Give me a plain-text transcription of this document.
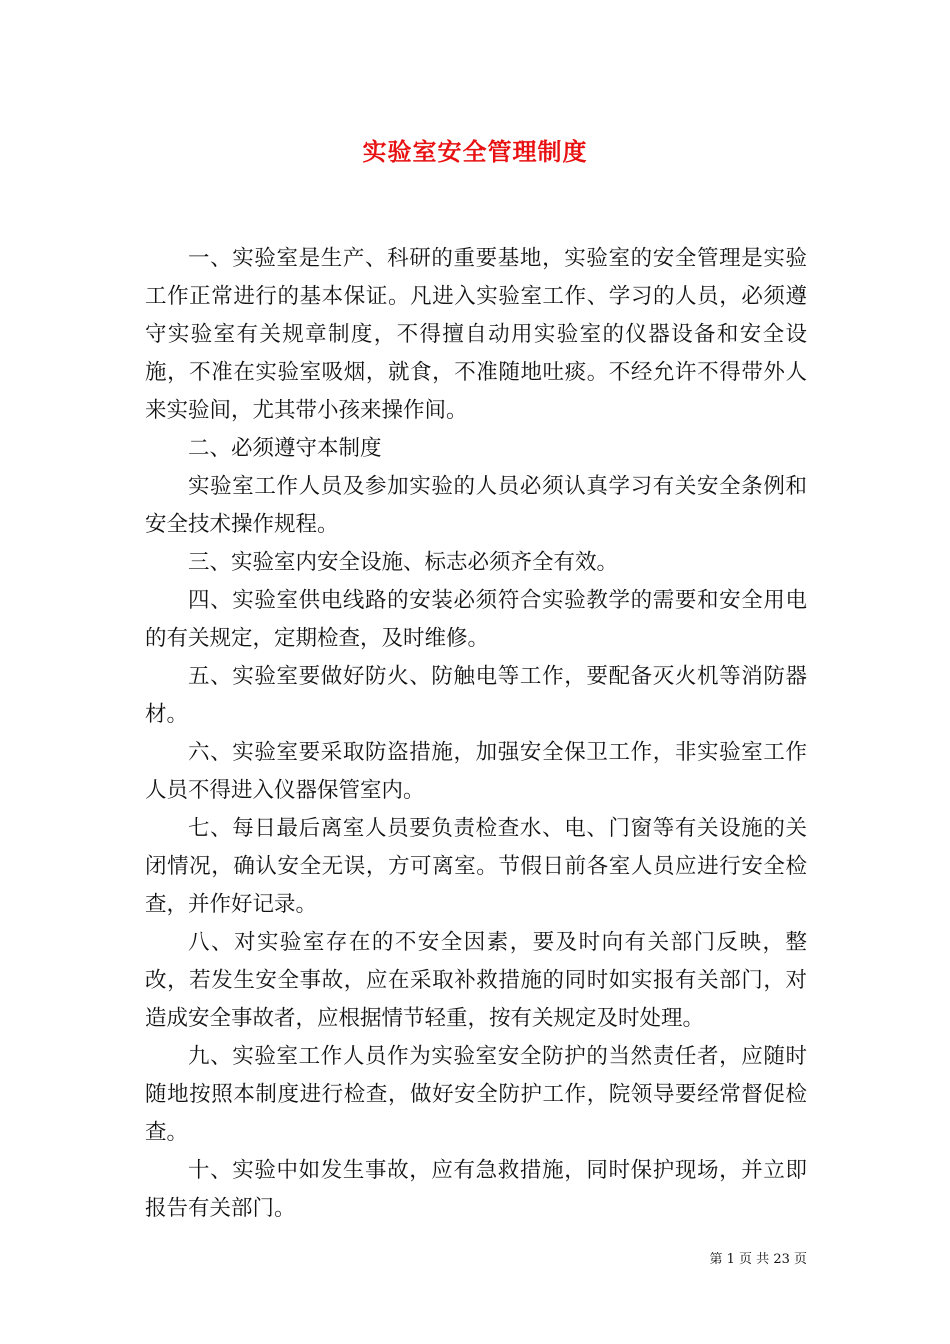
实验室安全管理制度

一、实验室是生产、科研的重要基地，实验室的安全管理是实验工作正常进行的基本保证。凡进入实验室工作、学习的人员，必须遵守实验室有关规章制度，不得擅自动用实验室的仪器设备和安全设施，不准在实验室吸烟，就食，不准随地吐痰。不经允许不得带外人来实验间，尤其带小孩来操作间。

二、必须遵守本制度

实验室工作人员及参加实验的人员必须认真学习有关安全条例和安全技术操作规程。

三、实验室内安全设施、标志必须齐全有效。

四、实验室供电线路的安装必须符合实验教学的需要和安全用电的有关规定，定期检查，及时维修。

五、实验室要做好防火、防触电等工作，要配备灭火机等消防器材。

六、实验室要采取防盗措施，加强安全保卫工作，非实验室工作人员不得进入仪器保管室内。

七、每日最后离室人员要负责检查水、电、门窗等有关设施的关闭情况，确认安全无误，方可离室。节假日前各室人员应进行安全检查，并作好记录。

八、对实验室存在的不安全因素，要及时向有关部门反映，整改，若发生安全事故，应在采取补救措施的同时如实报有关部门，对造成安全事故者，应根据情节轻重，按有关规定及时处理。

九、实验室工作人员作为实验室安全防护的当然责任者，应随时随地按照本制度进行检查，做好安全防护工作，院领导要经常督促检查。

十、实验中如发生事故，应有急救措施，同时保护现场，并立即报告有关部门。

第 1 页 共 23 页
